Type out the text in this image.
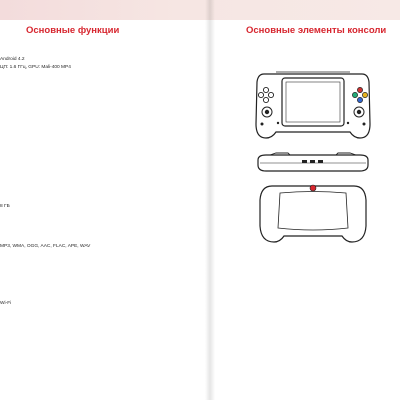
Основные функции
Android 4.2
ЦП: 1.6 ГГц, GPU: Mali-400 MP4
8 ГБ
MP3, WMA, OGG, AAC, FLAC, APE, WAV
Wi-Fi
Основные элементы консоли
